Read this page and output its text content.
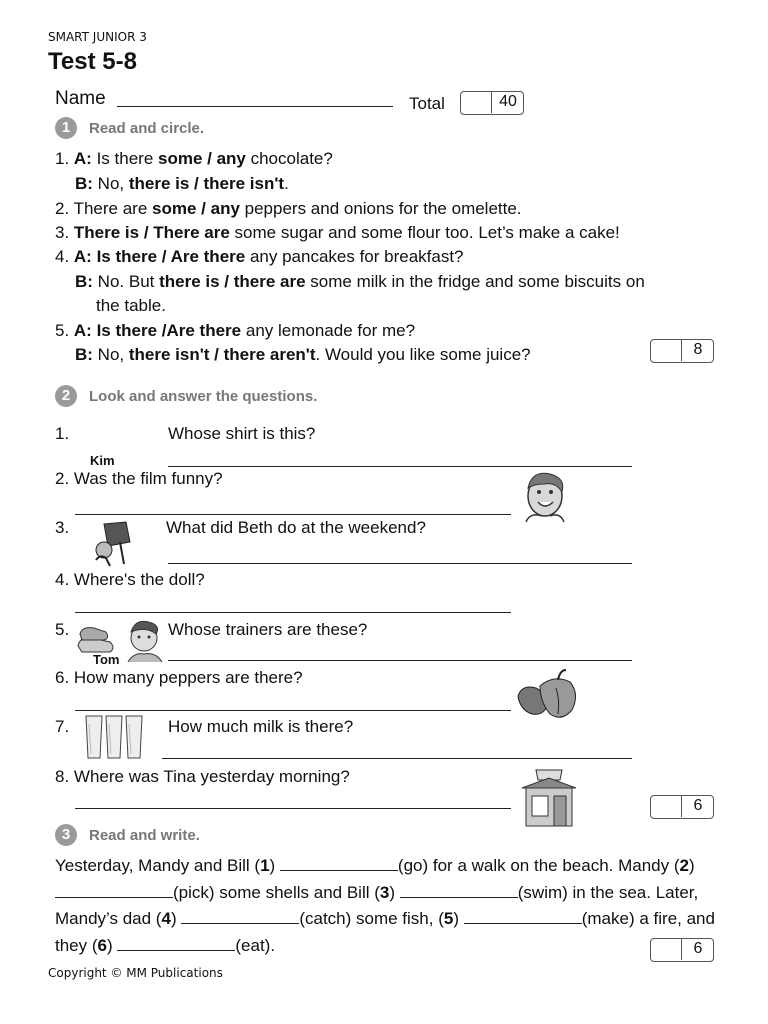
SMART JUNIOR 3
Test 5-8
Name	Total	40
1	Read and circle.
1. A: Is there some / any chocolate?
B: No, there is / there isn't.
2. There are some / any peppers and onions for the omelette.
3. There is / There are some sugar and some flour too. Let’s make a cake!
4. A: Is there / Are there any pancakes for breakfast?
B: No. But there is / there are some milk in the fridge and some biscuits on
the table.
5. A: Is there /Are there any lemonade for me?
B: No, there isn't / there aren't. Would you like some juice?	8
2	Look and answer the questions.
1.	Whose shirt is this?
Kim
2. Was the film funny?
3.	What did Beth do at the weekend?
4. Where's the doll?
5.
Tom
Whose trainers are these?
6. How many peppers are there?
7.	How much milk is there?
8. Where was Tina yesterday morning?
6
3	Read and write.
Yesterday, Mandy and Bill (1)	(go) for a walk on the beach. Mandy (2) (pick) some shells and Bill (3)	(swim) in the sea. Later, Mandy’s dad (4)	(catch) some fish, (5)	(make) a fire, and they (6)	(eat).	6
Copyright © MM Publications
